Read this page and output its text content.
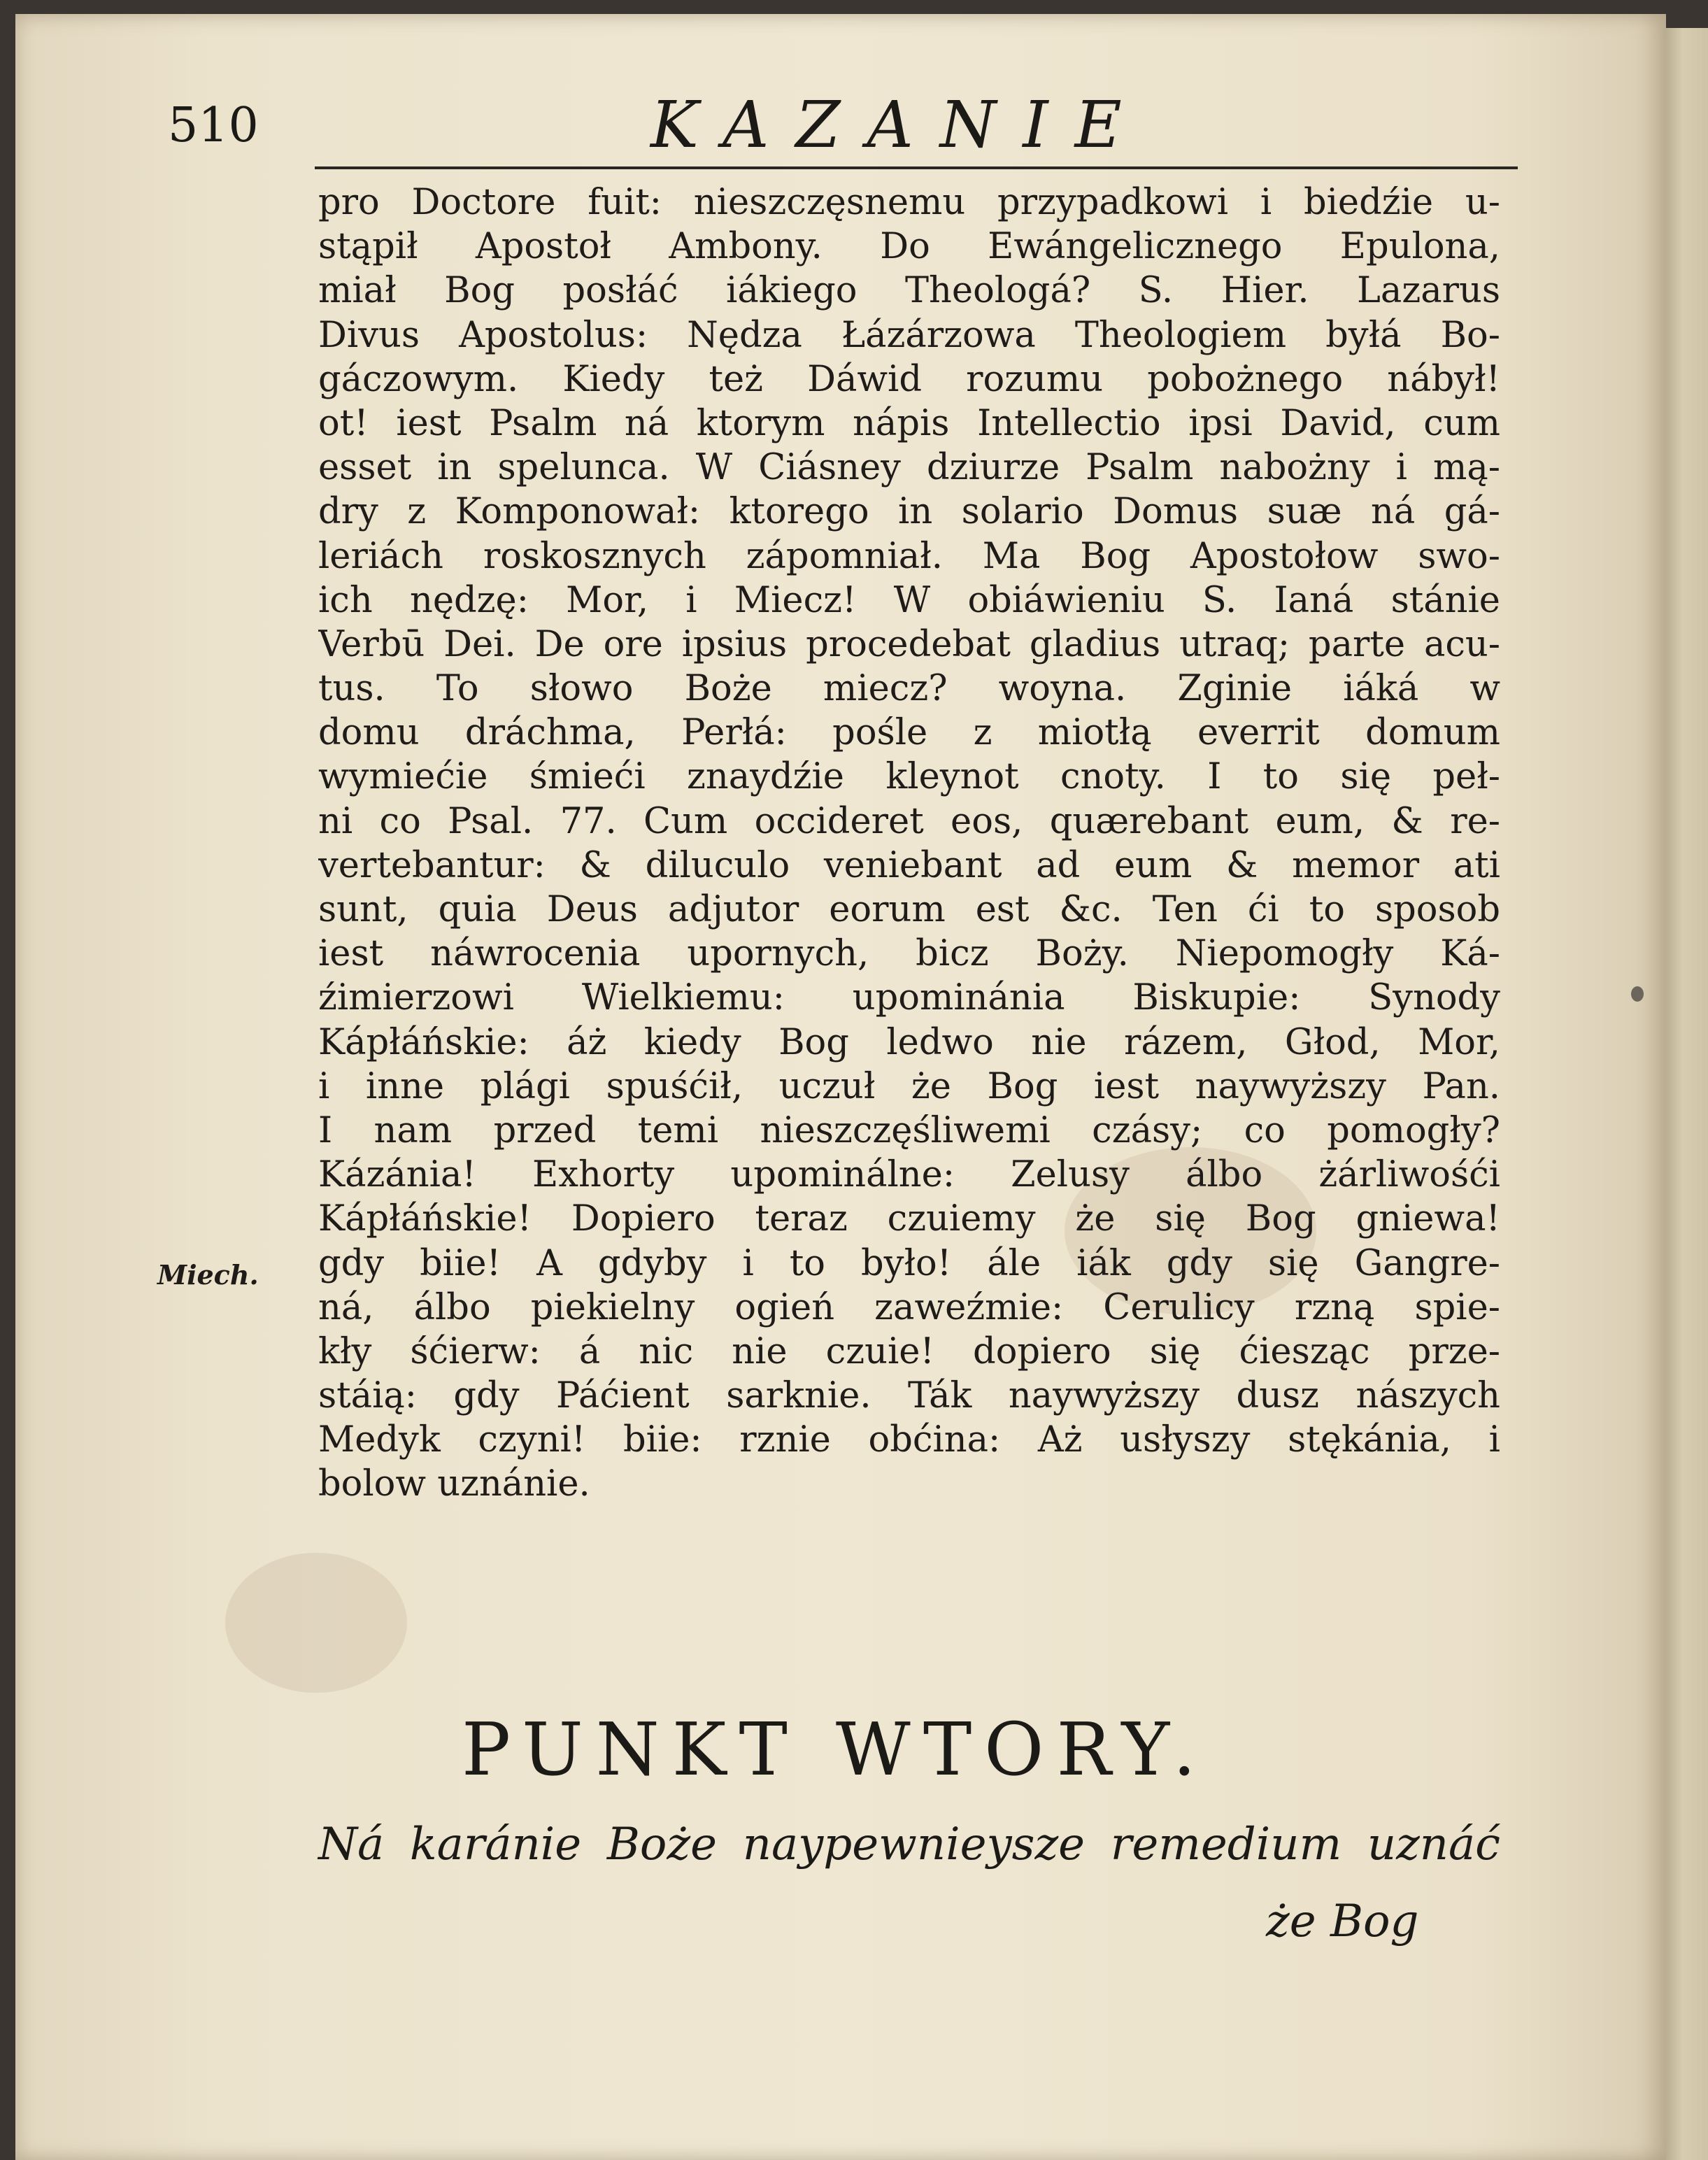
510	KAZANIE
pro Doctore fuit: nieszczęsnemu przypadkowi i biedźie u-
stąpił Apostoł Ambony. Do Ewángelicznego Epulona,
miał Bog posłáć iákiego Theologá? S. Hier. Lazarus
Divus Apostolus: Nędza Łázárzowa Theologiem byłá Bo-
gáczowym. Kiedy też Dáwid rozumu pobożnego nábył!
ot! iest Psalm ná ktorym nápis Intellectio ipsi David, cum
esset in spelunca. W Ciásney dziurze Psalm nabożny i mą-
dry z Komponował: ktorego in solario Domus suæ ná gá-
leriách roskosznych zápomniał. Ma Bog Apostołow swo-
ich nędzę: Mor, i Miecz! W obiáwieniu S. Ianá stánie
Verbū Dei. De ore ipsius procedebat gladius utraq; parte acu-
tus. To słowo Boże miecz? woyna. Zginie iáká w
domu dráchma, Perłá: pośle z miotłą everrit domum
wymiećie śmieći znaydźie kleynot cnoty. I to się peł-
ni co Psal. 77. Cum occideret eos, quærebant eum, & re-
vertebantur: & diluculo veniebant ad eum & memor ati
sunt, quia Deus adjutor eorum est &c. Ten ći to sposob
iest náwrocenia upornych, bicz Boży. Niepomogły Ká-
źimierzowi Wielkiemu: upominánia Biskupie: Synody
Kápłáńskie: áż kiedy Bog ledwo nie rázem, Głod, Mor,
i inne plági spuśćił, uczuł że Bog iest naywyższy Pan.
I nam przed temi nieszczęśliwemi czásy; co pomogły?
Kázánia! Exhorty upominálne: Zelusy álbo żárliwośći
Kápłáńskie! Dopiero teraz czuiemy że się Bog gniewa!
gdy biie! A gdyby i to było! ále iák gdy się Gangre-
ná, álbo piekielny ogień zaweźmie: Cerulicy rzną spie-
kły śćierw: á nic nie czuie! dopiero się ćiesząc prze-
stáią: gdy Páćient sarknie. Ták naywyższy dusz nászych
Medyk czyni! biie: rznie obćina: Aż usłyszy stękánia, i
bolow uznánie.
Miech.
PUNKT WTORY.
Ná karánie Boże naypewnieysze remedium uznáć
że Bog
